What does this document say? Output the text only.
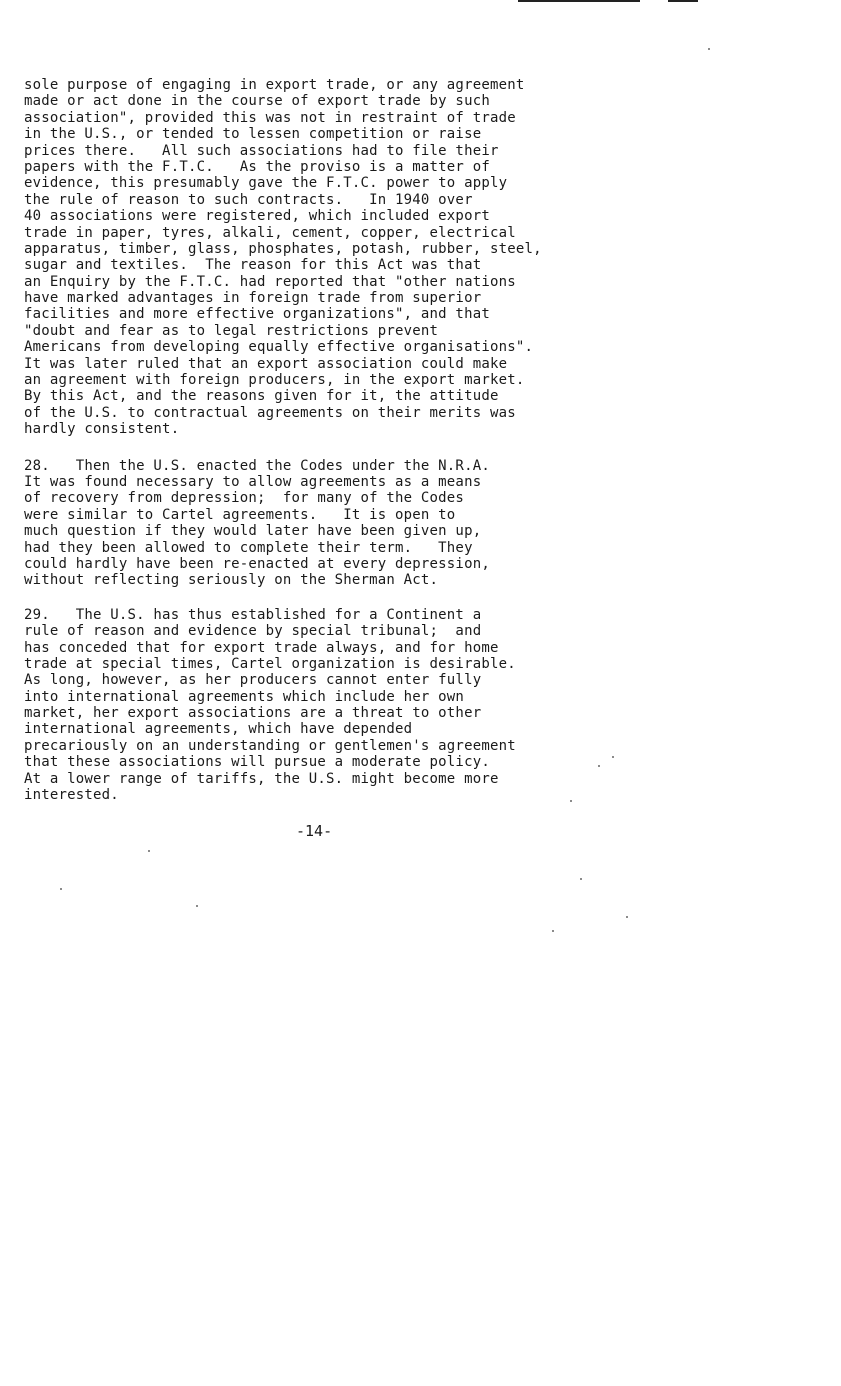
sole purpose of engaging in export trade, or any agreement
made or act done in the course of export trade by such
association", provided this was not in restraint of trade
in the U.S., or tended to lessen competition or raise
prices there.   All such associations had to file their
papers with the F.T.C.   As the proviso is a matter of
evidence, this presumably gave the F.T.C. power to apply
the rule of reason to such contracts.   In 1940 over
40 associations were registered, which included export
trade in paper, tyres, alkali, cement, copper, electrical
apparatus, timber, glass, phosphates, potash, rubber, steel,
sugar and textiles.  The reason for this Act was that
an Enquiry by the F.T.C. had reported that "other nations
have marked advantages in foreign trade from superior
facilities and more effective organizations", and that
"doubt and fear as to legal restrictions prevent
Americans from developing equally effective organisations".
It was later ruled that an export association could make
an agreement with foreign producers, in the export market.
By this Act, and the reasons given for it, the attitude
of the U.S. to contractual agreements on their merits was
hardly consistent.
28.   Then the U.S. enacted the Codes under the N.R.A.
It was found necessary to allow agreements as a means
of recovery from depression;  for many of the Codes
were similar to Cartel agreements.   It is open to
much question if they would later have been given up,
had they been allowed to complete their term.   They
could hardly have been re-enacted at every depression,
without reflecting seriously on the Sherman Act.
29.   The U.S. has thus established for a Continent a
rule of reason and evidence by special tribunal;  and
has conceded that for export trade always, and for home
trade at special times, Cartel organization is desirable.
As long, however, as her producers cannot enter fully
into international agreements which include her own
market, her export associations are a threat to other
international agreements, which have depended
precariously on an understanding or gentlemen's agreement
that these associations will pursue a moderate policy.
At a lower range of tariffs, the U.S. might become more
interested.
-14-
